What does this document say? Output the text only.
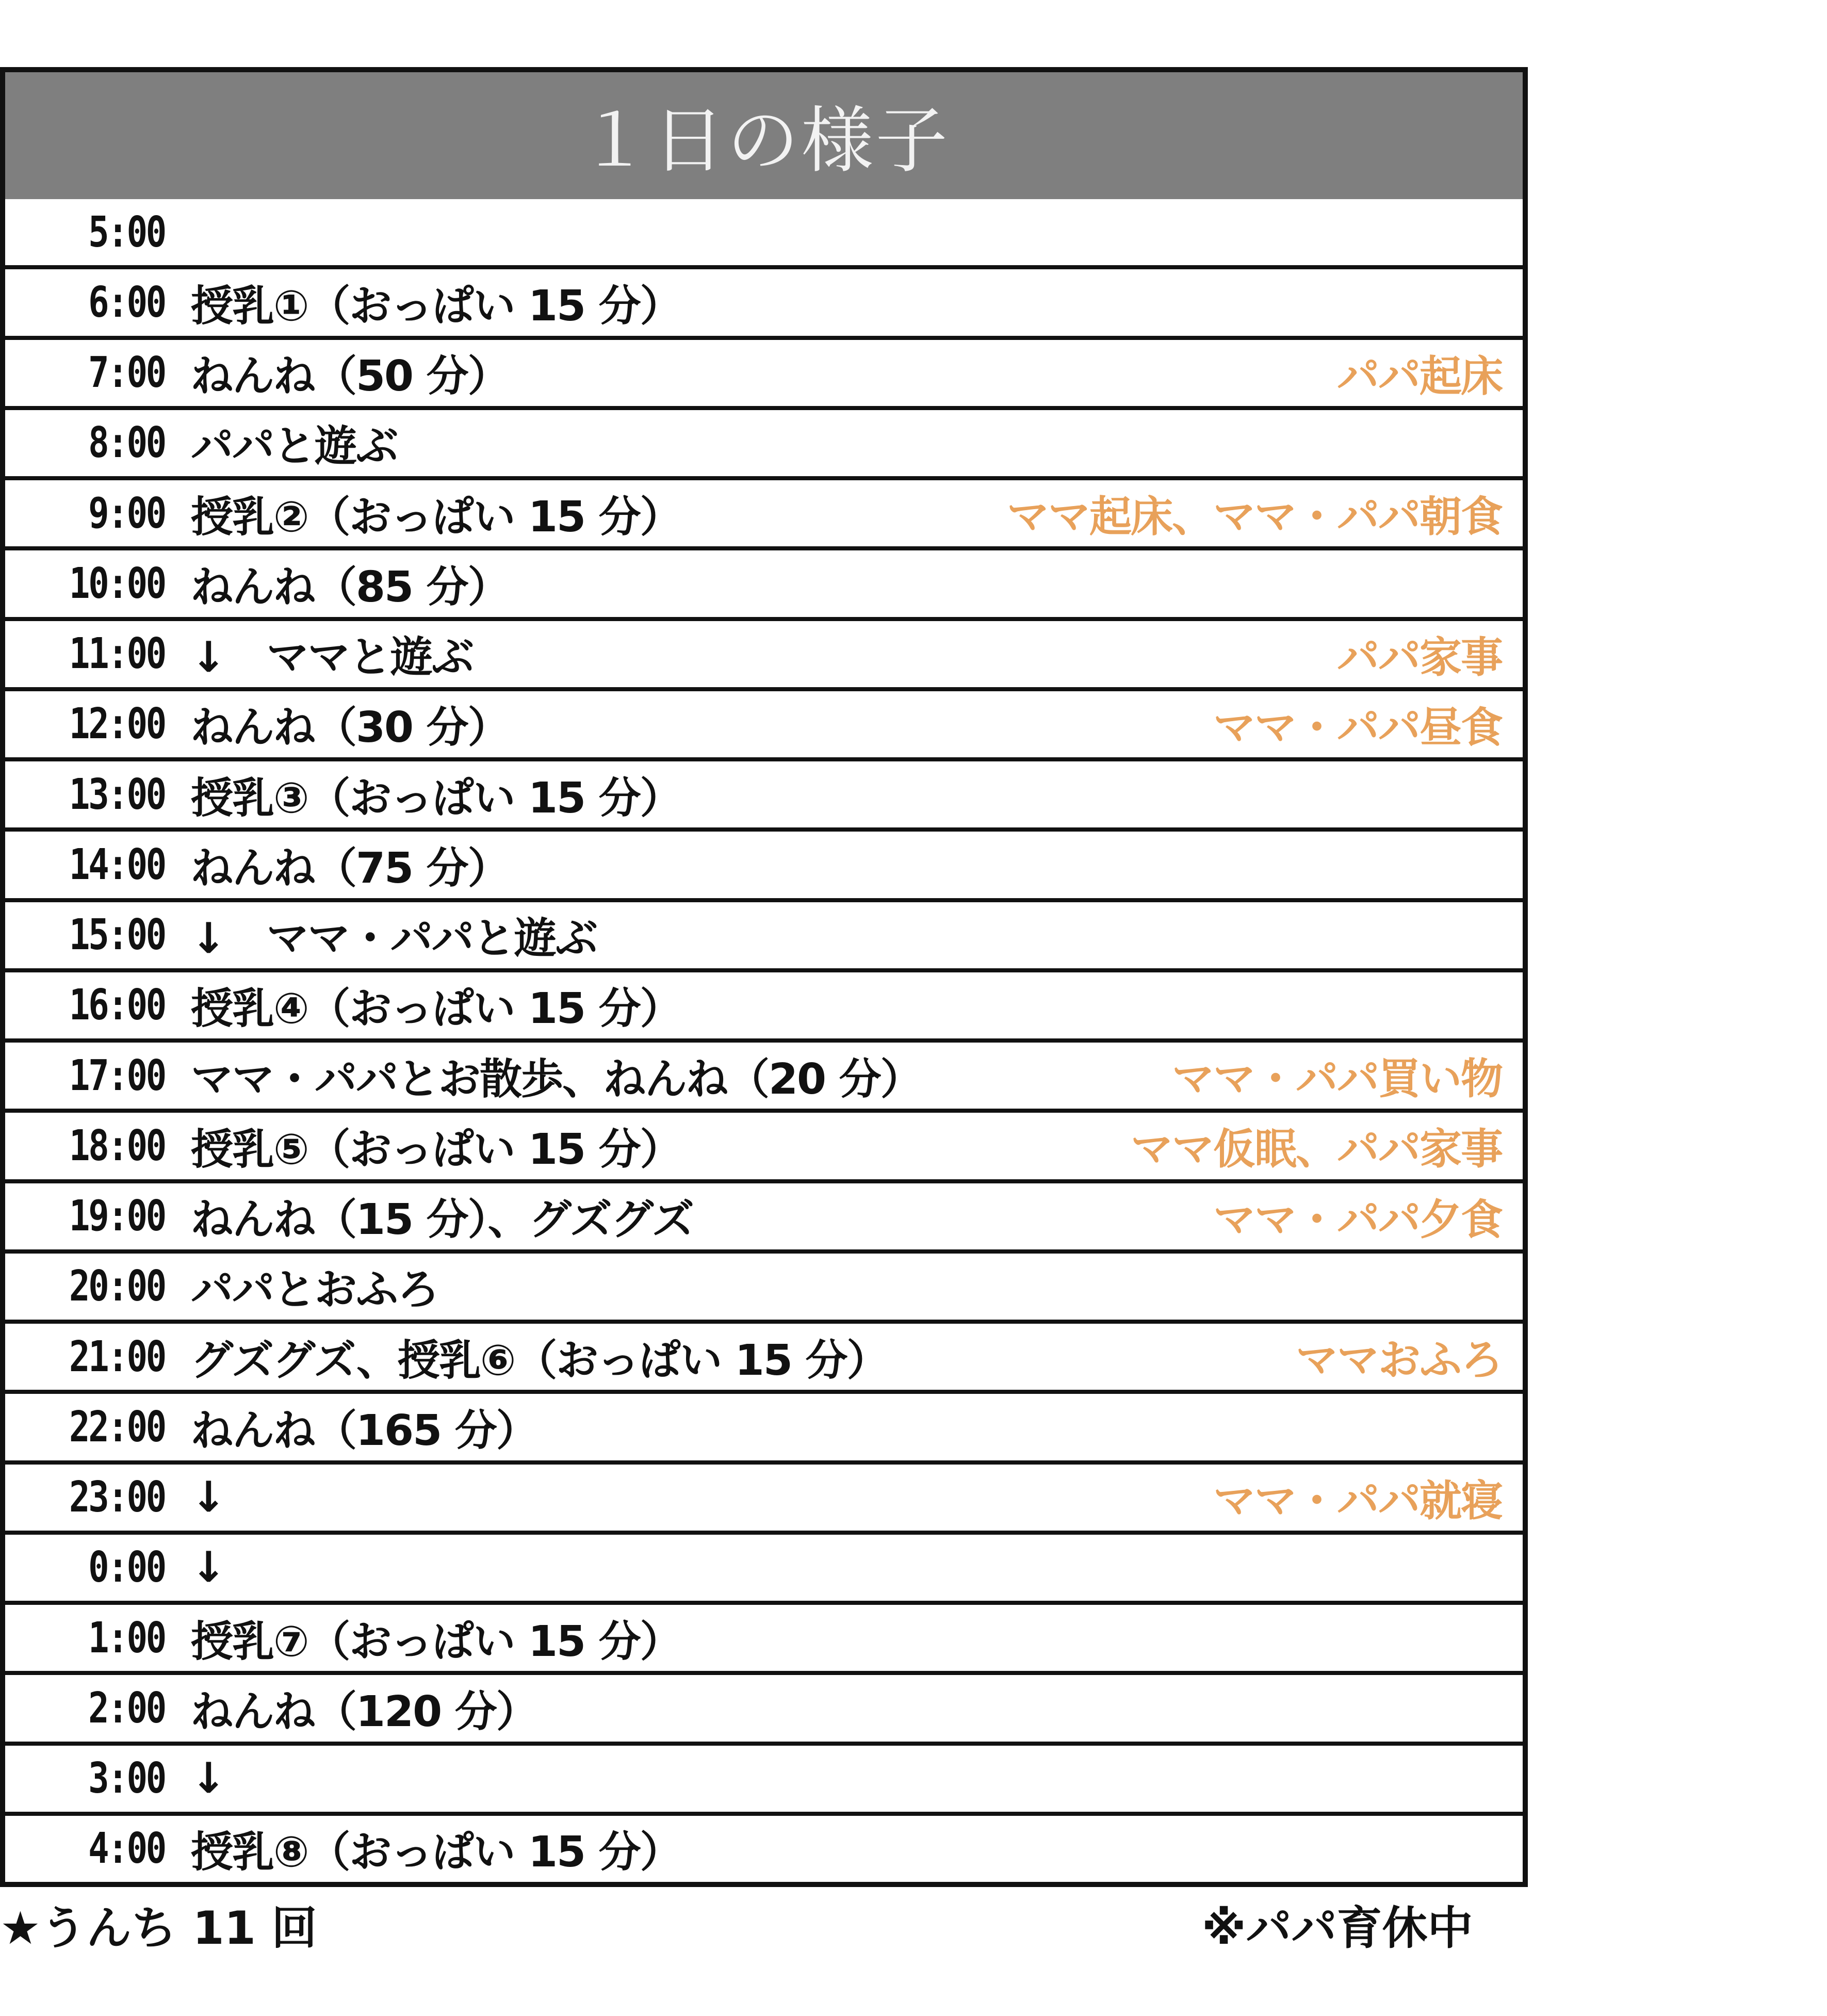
１日の様子
5:00
6:00 授乳①（おっぱい 15 分）
7:00 ねんね（50 分）	パパ起床
8:00 パパと遊ぶ
9:00 授乳②（おっぱい 15 分）	ママ起床、ママ・パパ朝食
10:00 ねんね（85 分）
11:00 ↓　ママと遊ぶ	パパ家事
12:00 ねんね（30 分）	ママ・パパ昼食
13:00 授乳③（おっぱい 15 分）
14:00 ねんね（75 分）
15:00 ↓　ママ・パパと遊ぶ
16:00 授乳④（おっぱい 15 分）
17:00 ママ・パパとお散歩、ねんね（20 分）	ママ・パパ買い物
18:00 授乳⑤（おっぱい 15 分）	ママ仮眠、パパ家事
19:00 ねんね（15 分）、グズグズ	ママ・パパ夕食
20:00 パパとおふろ
21:00 グズグズ、授乳⑥（おっぱい 15 分）	ママおふろ
22:00 ねんね（165 分）
23:00 ↓	ママ・パパ就寝
0:00 ↓
1:00 授乳⑦（おっぱい 15 分）
2:00 ねんね（120 分）
3:00 ↓
4:00 授乳⑧（おっぱい 15 分）
★うんち 11 回	※パパ育休中
